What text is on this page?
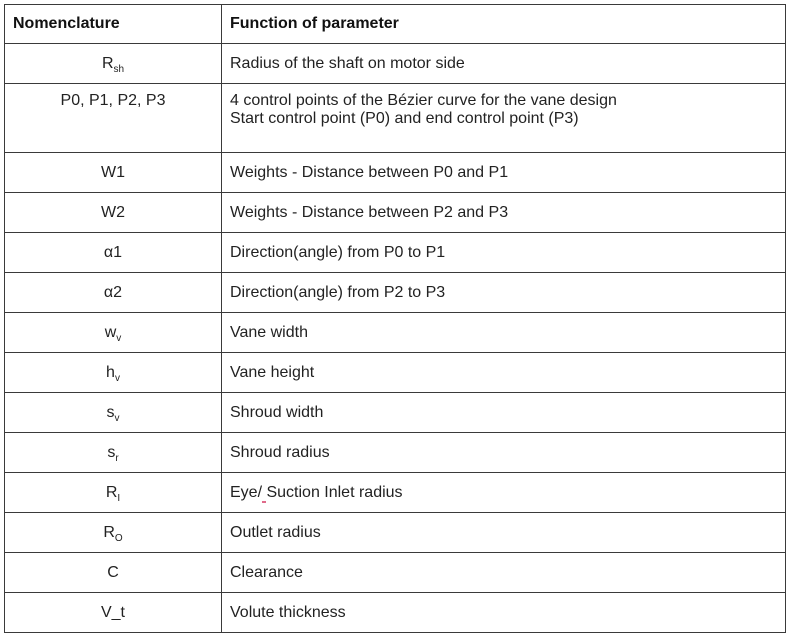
Nomenclature	Function of parameter
$R_{sh}$	Radius of the shaft on motor side
P0, P1, P2, P3	4 control points of the Bézier curve for the vane design
Start control point (P0) and end control point (P3)

W1	Weights - Distance between P0 and P1
W2	Weights - Distance between P2 and P3
α1	Direction(angle) from P0 to P1
α2	Direction(angle) from P2 to P3
$w_v$	Vane width
$h_v$	Vane height
$s_v$	Shroud width
$s_r$	Shroud radius
$R_I$	Eye/ Suction Inlet radius
$R_O$	Outlet radius
C	Clearance
V_t	Volute thickness
